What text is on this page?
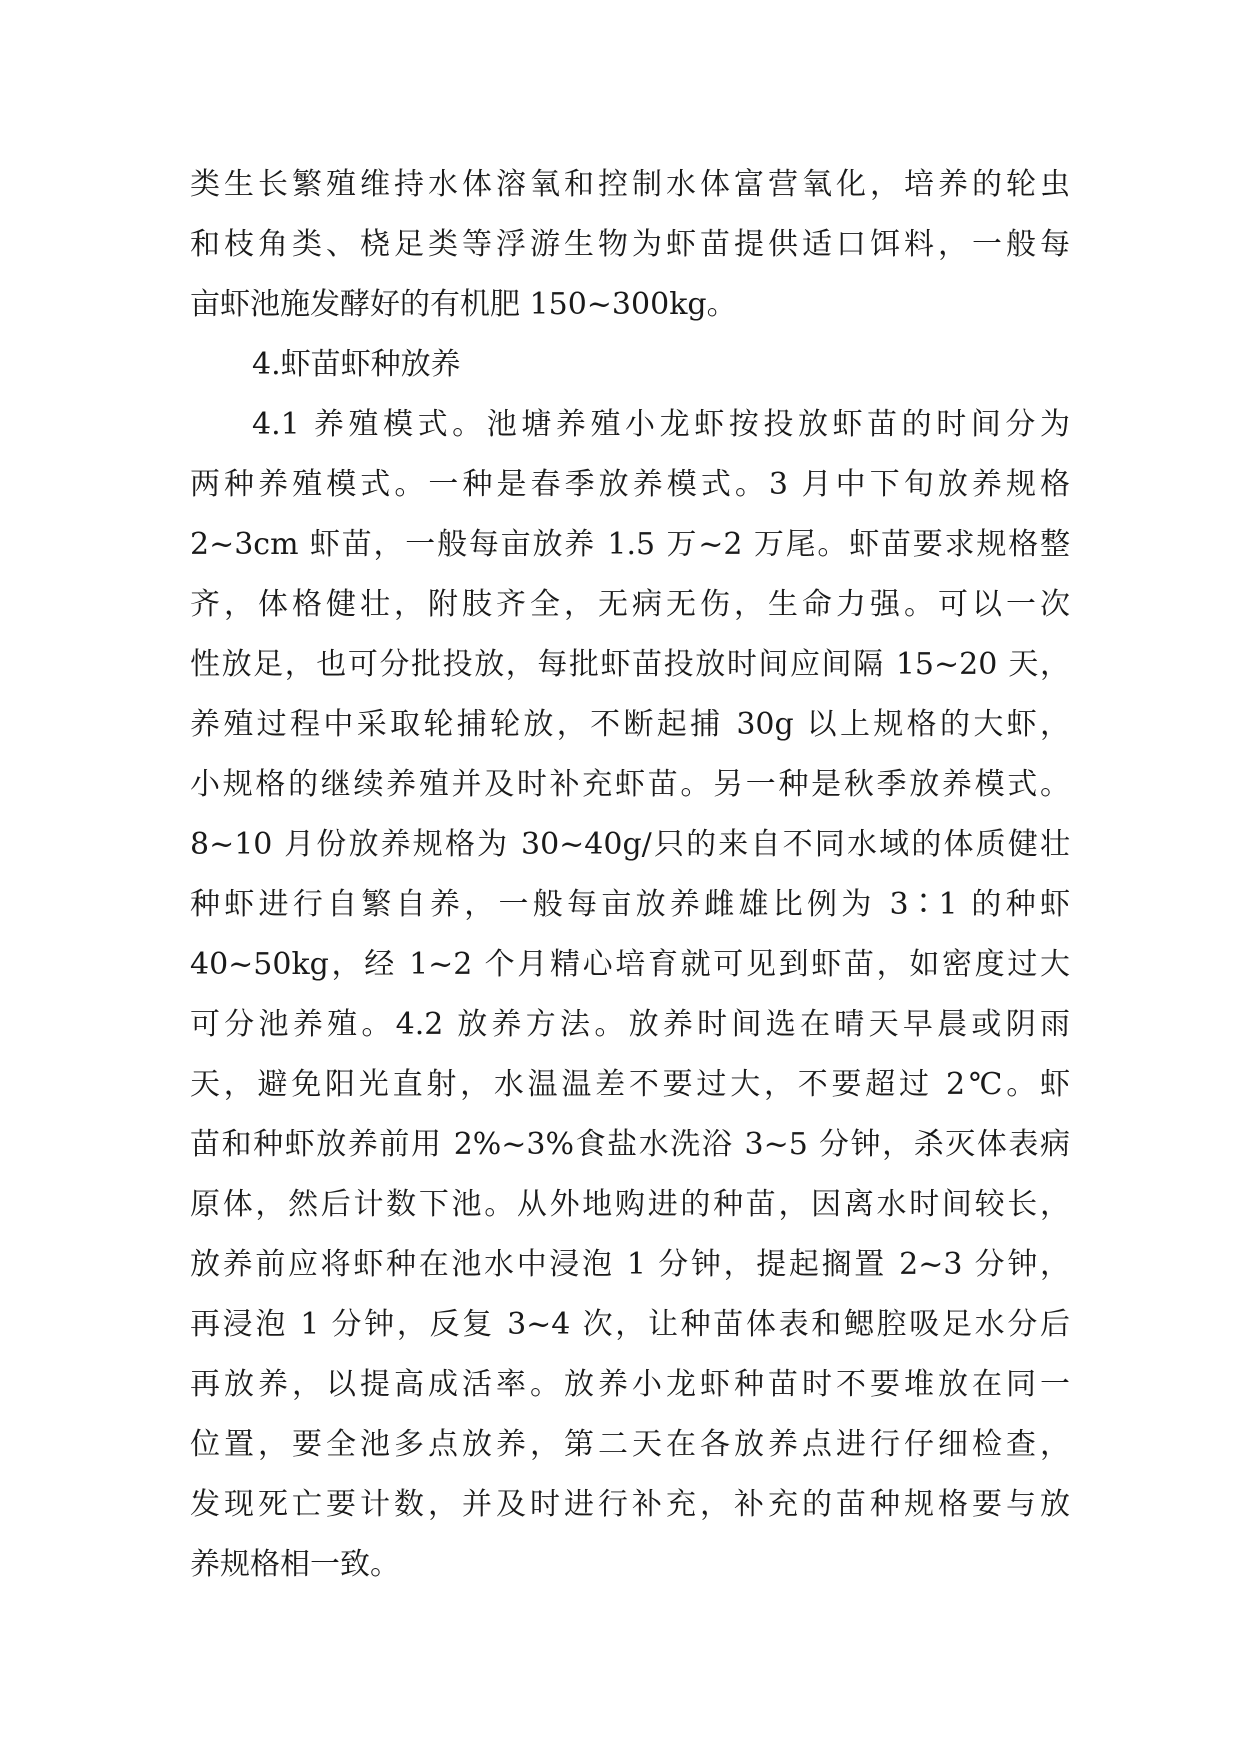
类生长繁殖维持水体溶氧和控制水体富营氧化，培养的轮虫
和枝角类、桡足类等浮游生物为虾苗提供适口饵料，一般每
亩虾池施发酵好的有机肥 150~300kg。
4.虾苗虾种放养
4.1 养殖模式。池塘养殖小龙虾按投放虾苗的时间分为
两种养殖模式。一种是春季放养模式。3 月中下旬放养规格
2~3cm 虾苗，一般每亩放养 1.5 万~2 万尾。虾苗要求规格整
齐，体格健壮，附肢齐全，无病无伤，生命力强。可以一次
性放足，也可分批投放，每批虾苗投放时间应间隔 15~20 天，
养殖过程中采取轮捕轮放，不断起捕 30g 以上规格的大虾，
小规格的继续养殖并及时补充虾苗。另一种是秋季放养模式。
8~10 月份放养规格为 30~40g/只的来自不同水域的体质健壮
种虾进行自繁自养，一般每亩放养雌雄比例为 3∶1 的种虾
40~50kg，经 1~2 个月精心培育就可见到虾苗，如密度过大
可分池养殖。4.2 放养方法。放养时间选在晴天早晨或阴雨
天，避免阳光直射，水温温差不要过大，不要超过 2℃。虾
苗和种虾放养前用 2%~3%食盐水洗浴 3~5 分钟，杀灭体表病
原体，然后计数下池。从外地购进的种苗，因离水时间较长，
放养前应将虾种在池水中浸泡 1 分钟，提起搁置 2~3 分钟，
再浸泡 1 分钟，反复 3~4 次，让种苗体表和鳃腔吸足水分后
再放养，以提高成活率。放养小龙虾种苗时不要堆放在同一
位置，要全池多点放养，第二天在各放养点进行仔细检查，
发现死亡要计数，并及时进行补充，补充的苗种规格要与放
养规格相一致。
